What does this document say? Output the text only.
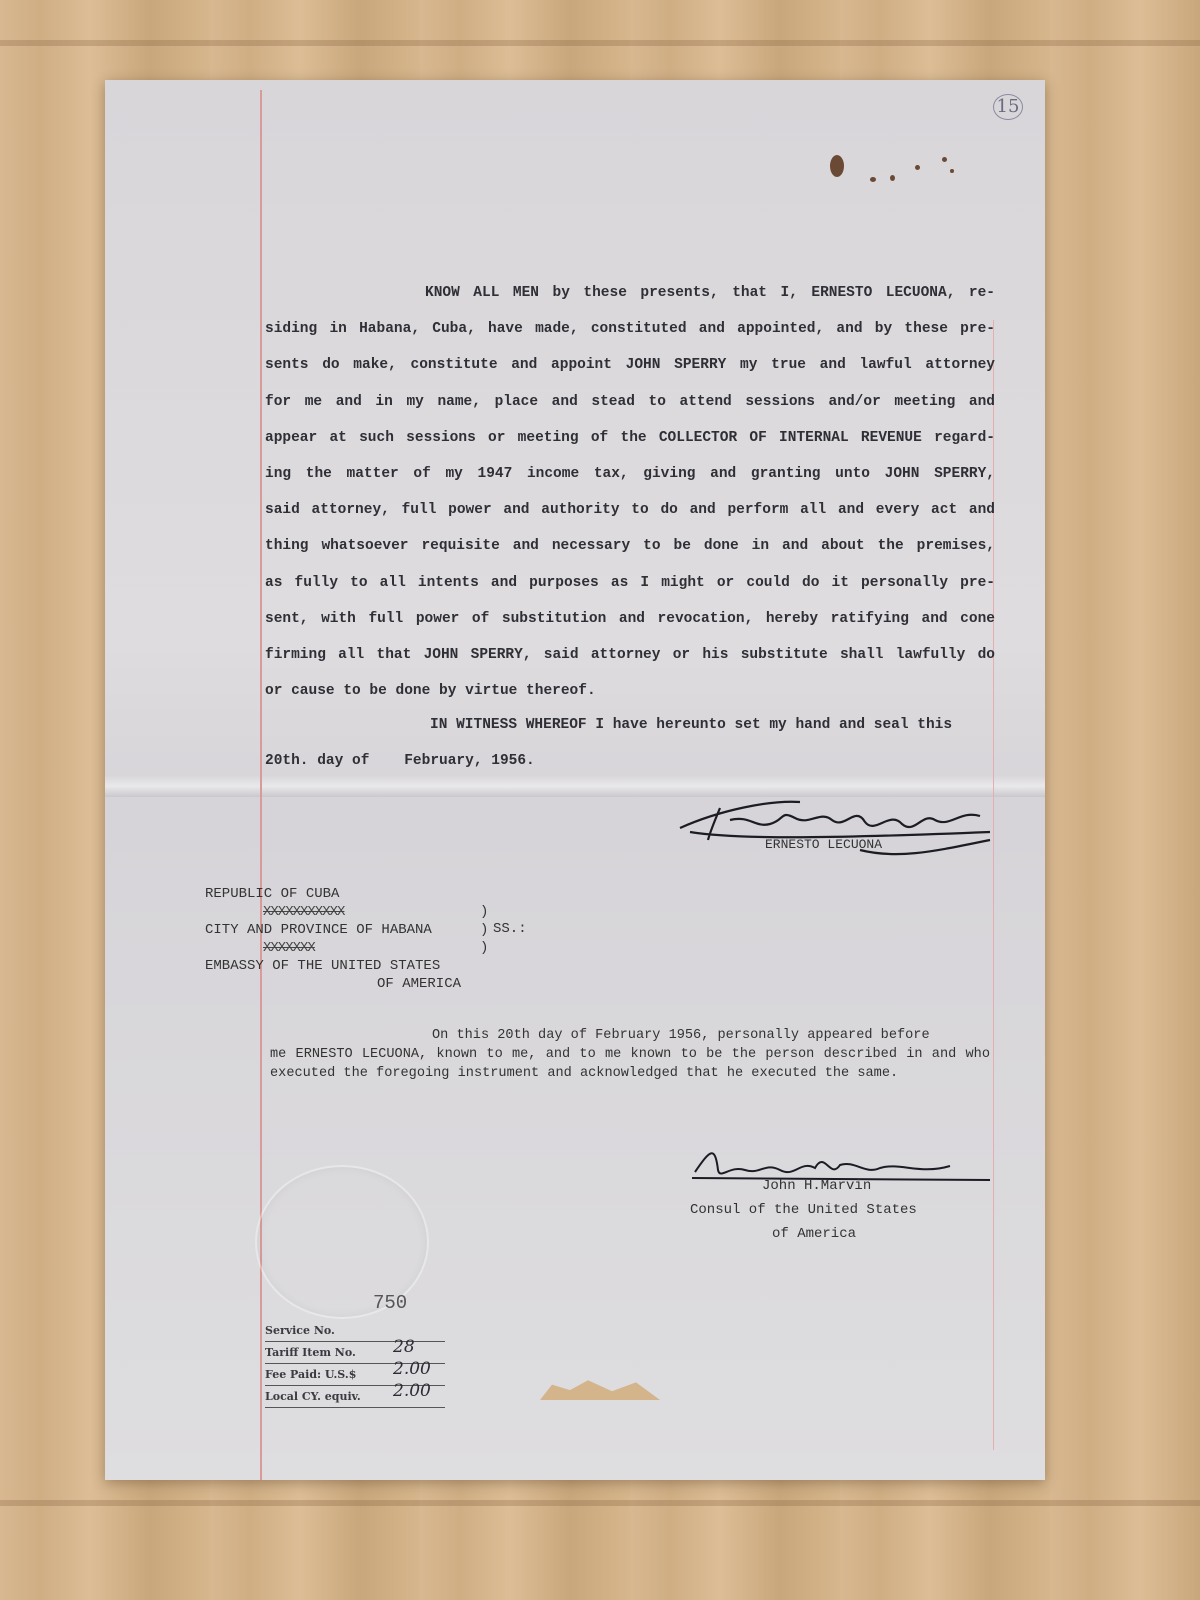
15

KNOW ALL MEN by these presents, that I, ERNESTO LECUONA, re-

siding in Habana, Cuba, have made, constituted and appointed, and by these pre-

sents do make, constitute and appoint JOHN SPERRY my true and lawful attorney

for me and in my name, place and stead to attend sessions and/or meeting and

appear at such sessions or meeting of the COLLECTOR OF INTERNAL REVENUE regard-

ing the matter of my 1947 income tax, giving and granting unto JOHN SPERRY,

said attorney, full power and authority to do and perform all and every act and

thing whatsoever requisite and necessary to be done in and about the premises,

as fully to all intents and purposes as I might or could do it personally pre-

sent, with full power of substitution and revocation, hereby ratifying and cone

firming all that JOHN SPERRY, said attorney or his substitute shall lawfully do

or cause to be done by virtue thereof.

IN WITNESS WHEREOF I have hereunto set my hand and seal this
20th. day of    February, 1956.
ERNESTO LECUONA
REPUBLIC OF CUBA
XXXXXXXXXXX
CITY AND PROVINCE OF HABANA
XXXXXXX
EMBASSY OF THE UNITED STATES
OF AMERICA
)
)
)
SS.:
On this 20th day of February 1956, personally appeared before

me ERNESTO LECUONA, known to me, and to me known to be the person described in and who executed the foregoing instrument and acknowledged that he executed the same.

John H.Marvin
Consul of the United States
of America
750
Service No.
Tariff Item No. 28
Fee Paid: U.S.$ 2.00
Local CY. equiv. 2.00
